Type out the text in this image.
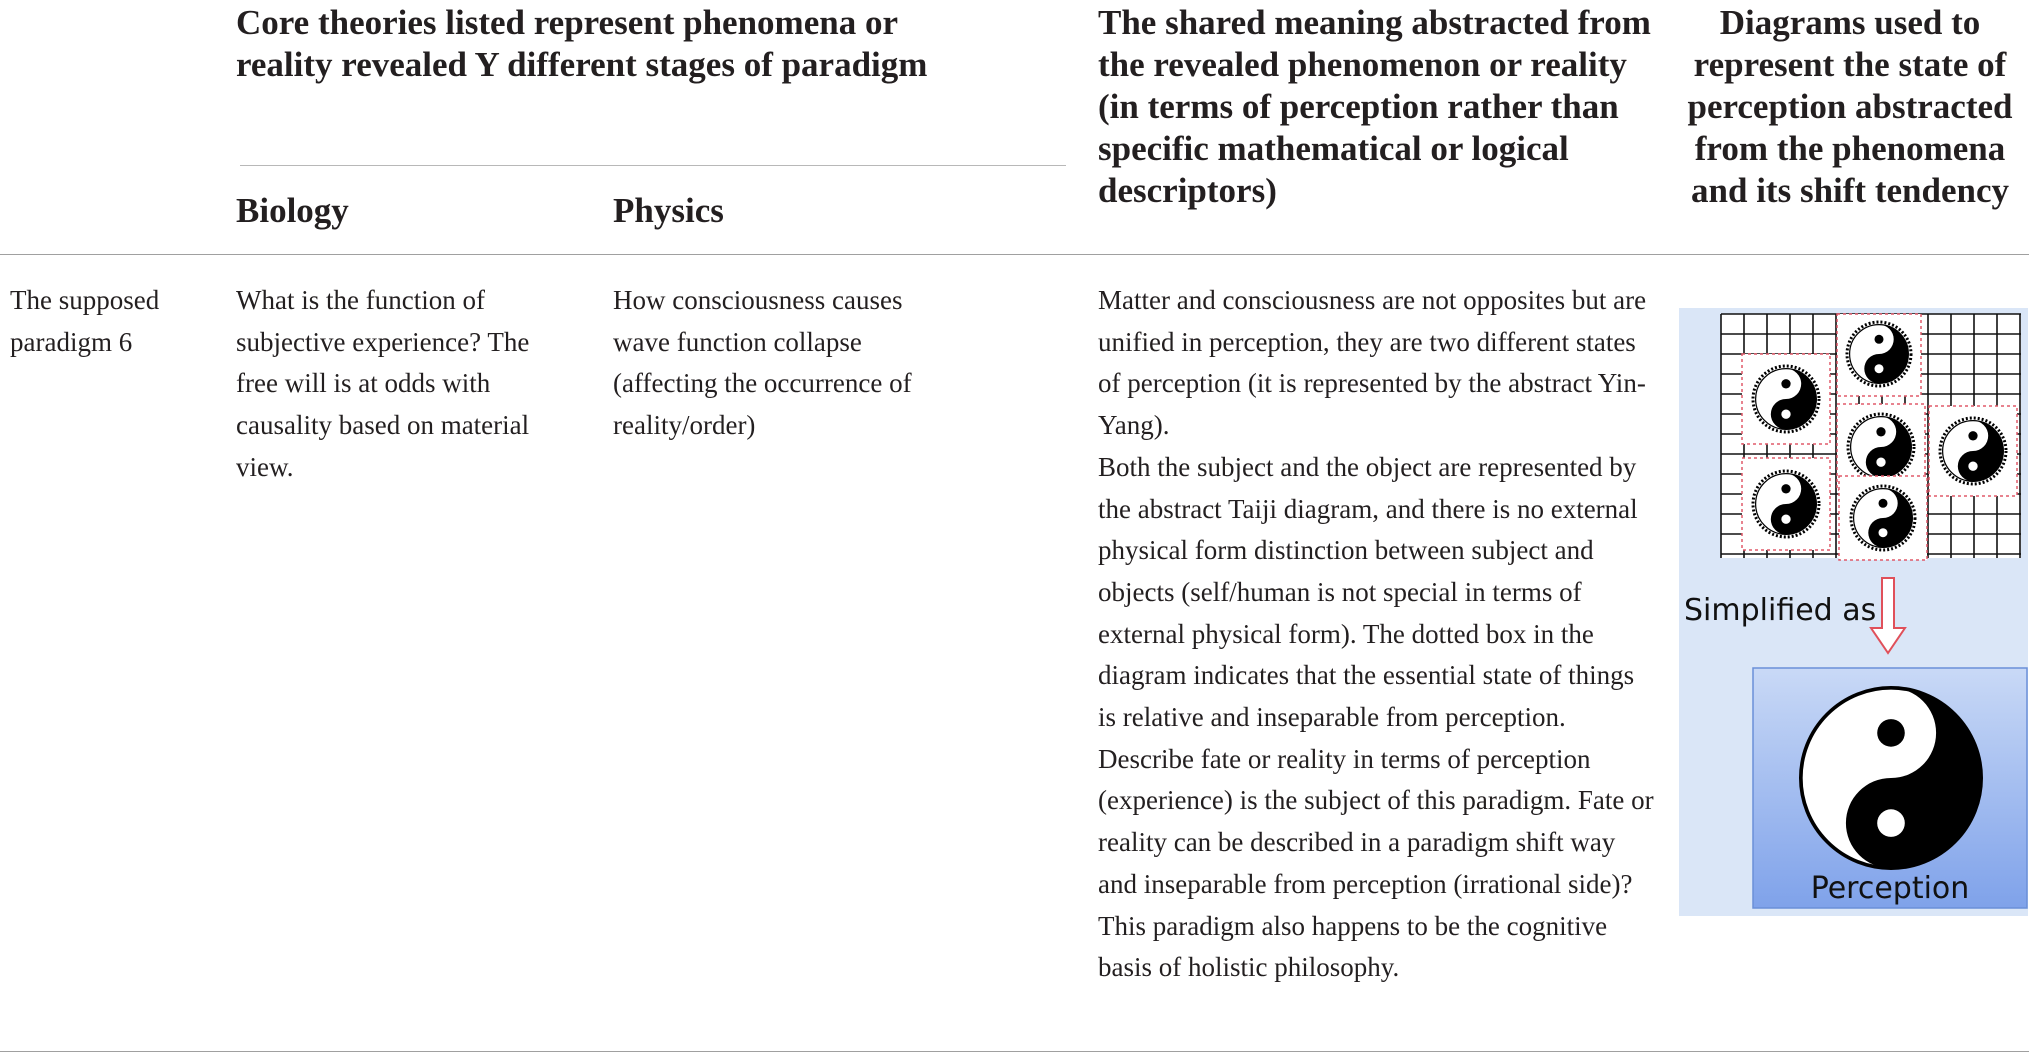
Core theories listed represent phenomena or reality revealed Y different stages of paradigm
Biology	Physics
The shared meaning abstracted from the revealed phenomenon or reality (in terms of perception rather than specific mathematical or logical descriptors)
Diagrams used to represent the state of perception abstracted from the phenomena and its shift tendency
The supposed paradigm 6
What is the function of subjective experience? The free will is at odds with causality based on material view.
How consciousness causes wave function collapse (affecting the occurrence of reality/order)
Matter and consciousness are not opposites but are unified in perception, they are two different states of perception (it is represented by the abstract Yin-Yang).
Both the subject and the object are represented by the abstract Taiji diagram, and there is no external physical form distinction between subject and objects (self/human is not special in terms of external physical form). The dotted box in the diagram indicates that the essential state of things is relative and inseparable from perception. Describe fate or reality in terms of perception (experience) is the subject of this paradigm. Fate or reality can be described in a paradigm shift way and inseparable from perception (irrational side)? This paradigm also happens to be the cognitive basis of holistic philosophy.
Simplified as
Perception
